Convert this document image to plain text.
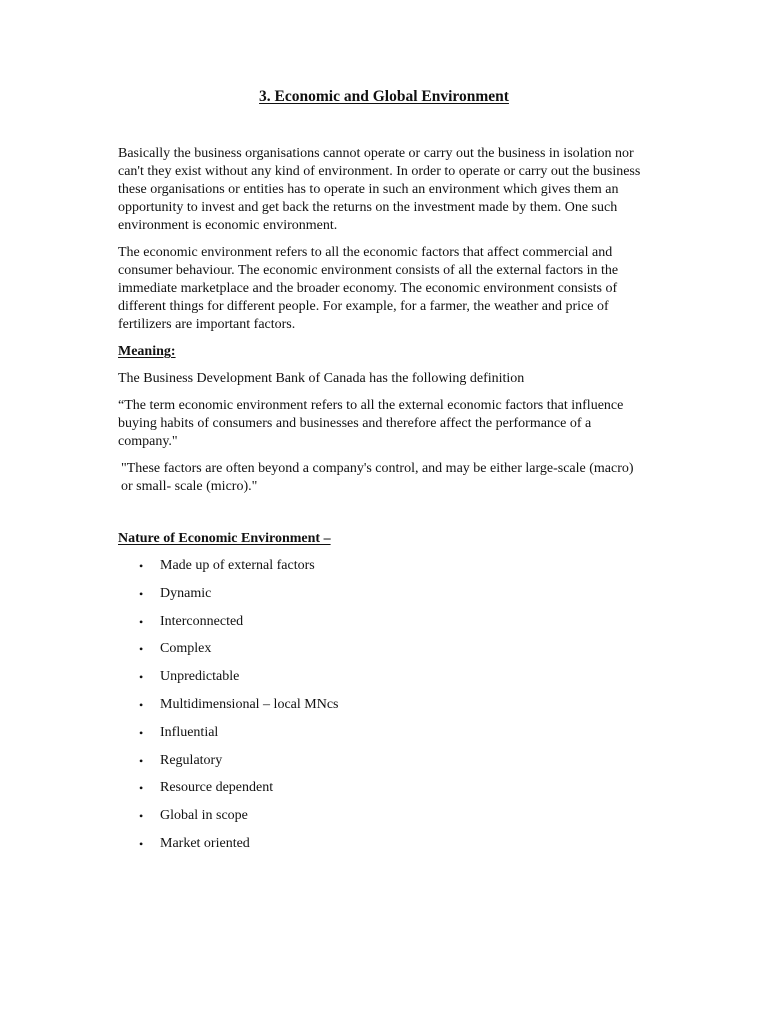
3. Economic and Global Environment

Basically the business organisations cannot operate or carry out the business in isolation nor can't they exist without any kind of environment. In order to operate or carry out the business these organisations or entities has to operate in such an environment which gives them an opportunity to invest and get back the returns on the investment made by them. One such environment is economic environment.

The economic environment refers to all the economic factors that affect commercial and consumer behaviour. The economic environment consists of all the external factors in the immediate marketplace and the broader economy. The economic environment consists of different things for different people. For example, for a farmer, the weather and price of fertilizers are important factors.

Meaning:

The Business Development Bank of Canada has the following definition

“The term economic environment refers to all the external economic factors that influence buying habits of consumers and businesses and therefore affect the performance of a company."

"These factors are often beyond a company's control, and may be either large-scale (macro) or small- scale (micro)."

Nature of Economic Environment –

• Made up of external factors
• Dynamic
• Interconnected
• Complex
• Unpredictable
• Multidimensional – local MNcs
• Influential
• Regulatory
• Resource dependent
• Global in scope
• Market oriented
